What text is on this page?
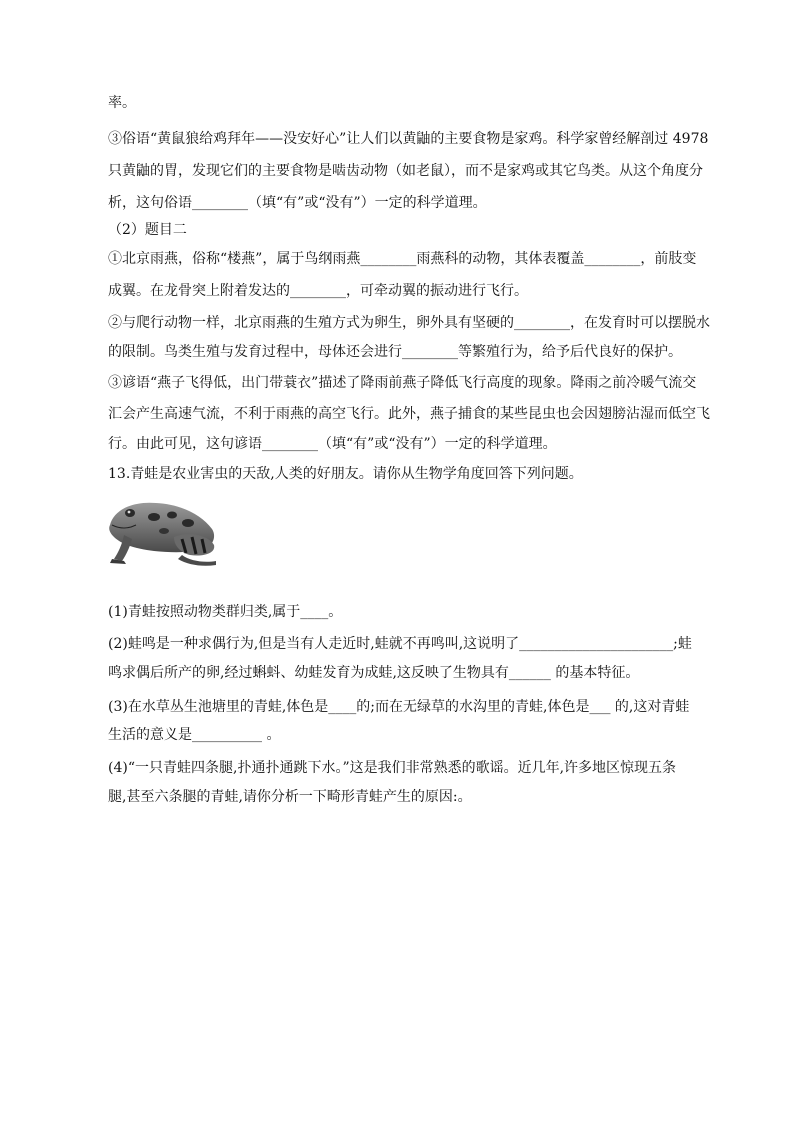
率。
③俗语“黄鼠狼给鸡拜年——没安好心”让人们以黄鼬的主要食物是家鸡。科学家曾经解剖过 4978
只黄鼬的胃，发现它们的主要食物是啮齿动物（如老鼠），而不是家鸡或其它鸟类。从这个角度分
析，这句俗语________（填“有”或“没有”）一定的科学道理。
（2）题目二
①北京雨燕，俗称“楼燕”，属于鸟纲雨燕________雨燕科的动物，其体表覆盖________，前肢变
成翼。在龙骨突上附着发达的________，可牵动翼的振动进行飞行。
②与爬行动物一样，北京雨燕的生殖方式为卵生，卵外具有坚硬的________，在发育时可以摆脱水
的限制。鸟类生殖与发育过程中，母体还会进行________等繁殖行为，给予后代良好的保护。
③谚语“燕子飞得低，出门带蓑衣”描述了降雨前燕子降低飞行高度的现象。降雨之前冷暖气流交
汇会产生高速气流，不利于雨燕的高空飞行。此外，燕子捕食的某些昆虫也会因翅膀沾湿而低空飞
行。由此可见，这句谚语________（填“有”或“没有”）一定的科学道理。
13.青蛙是农业害虫的天敌,人类的好朋友。请你从生物学角度回答下列问题。
(1)青蛙按照动物类群归类,属于____。
(2)蛙鸣是一种求偶行为,但是当有人走近时,蛙就不再鸣叫,这说明了______________________;蛙
鸣求偶后所产的卵,经过蝌蚪、幼蛙发育为成蛙,这反映了生物具有______ 的基本特征。
(3)在水草丛生池塘里的青蛙,体色是____的;而在无绿草的水沟里的青蛙,体色是___ 的,这对青蛙
生活的意义是__________ 。
(4)“一只青蛙四条腿,扑通扑通跳下水。”这是我们非常熟悉的歌谣。近几年,许多地区惊现五条
腿,甚至六条腿的青蛙,请你分析一下畸形青蛙产生的原因:。
